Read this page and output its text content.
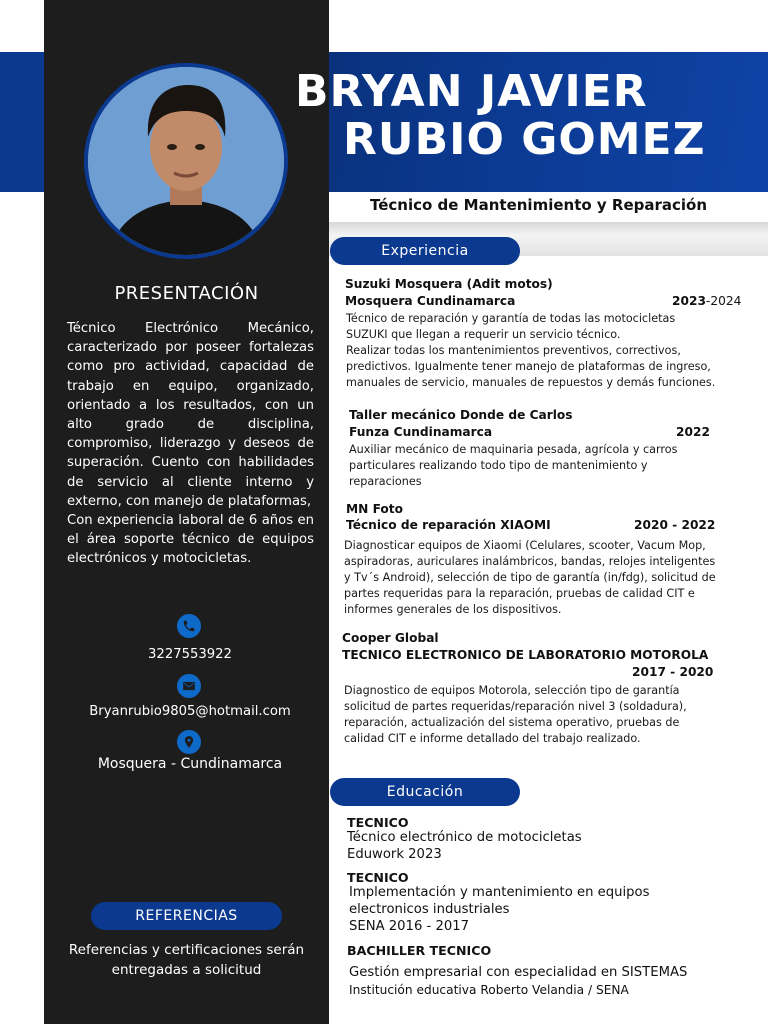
BRYAN JAVIER
RUBIO GOMEZ
Técnico de Mantenimiento y Reparación
PRESENTACIÓN

Técnico Electrónico Mecánico, caracterizado por poseer fortalezas como pro actividad, capacidad de trabajo en equipo, organizado, orientado a los resultados, con un alto grado de disciplina, compromiso, liderazgo y deseos de superación. Cuento con habilidades de servicio al cliente interno y externo, con manejo de plataformas,

Con experiencia laboral de 6 años en el área soporte técnico de equipos electrónicos y motocicletas.

3227553922
Bryanrubio9805@hotmail.com
Mosquera - Cundinamarca
REFERENCIAS
Referencias y certificaciones serán entregadas a solicitud
Experiencia
Suzuki Mosquera (Adit motos)
Mosquera Cundinamarca	2023-2024
Técnico de reparación y garantía de todas las motocicletas
SUZUKI que llegan a requerir un servicio técnico.
Realizar todas los mantenimientos preventivos, correctivos,
predictivos. Igualmente tener manejo de plataformas de ingreso,
manuales de servicio, manuales de repuestos y demás funciones.
Taller mecánico Donde de Carlos
Funza Cundinamarca	2022
Auxiliar mecánico de maquinaria pesada, agrícola y carros
particulares realizando todo tipo de mantenimiento y
reparaciones
MN Foto
Técnico de reparación XIAOMI	2020 - 2022
Diagnosticar equipos de Xiaomi (Celulares, scooter, Vacum Mop,
aspiradoras, auriculares inalámbricos, bandas, relojes inteligentes
y Tv´s Android), selección de tipo de garantía (in/fdg), solicitud de
partes requeridas para la reparación, pruebas de calidad CIT e
informes generales de los dispositivos.
Cooper Global
TECNICO ELECTRONICO DE LABORATORIO MOTOROLA
2017 - 2020
Diagnostico de equipos Motorola, selección tipo de garantía
solicitud de partes requeridas/reparación nivel 3 (soldadura),
reparación, actualización del sistema operativo, pruebas de
calidad CIT e informe detallado del trabajo realizado.
Educación
TECNICO
Técnico electrónico de motocicletas
Eduwork 2023
TECNICO
Implementación y mantenimiento en equipos
electronicos industriales
SENA 2016 - 2017
BACHILLER TECNICO
Gestión empresarial con especialidad en SISTEMAS
Institución educativa Roberto Velandia / SENA
